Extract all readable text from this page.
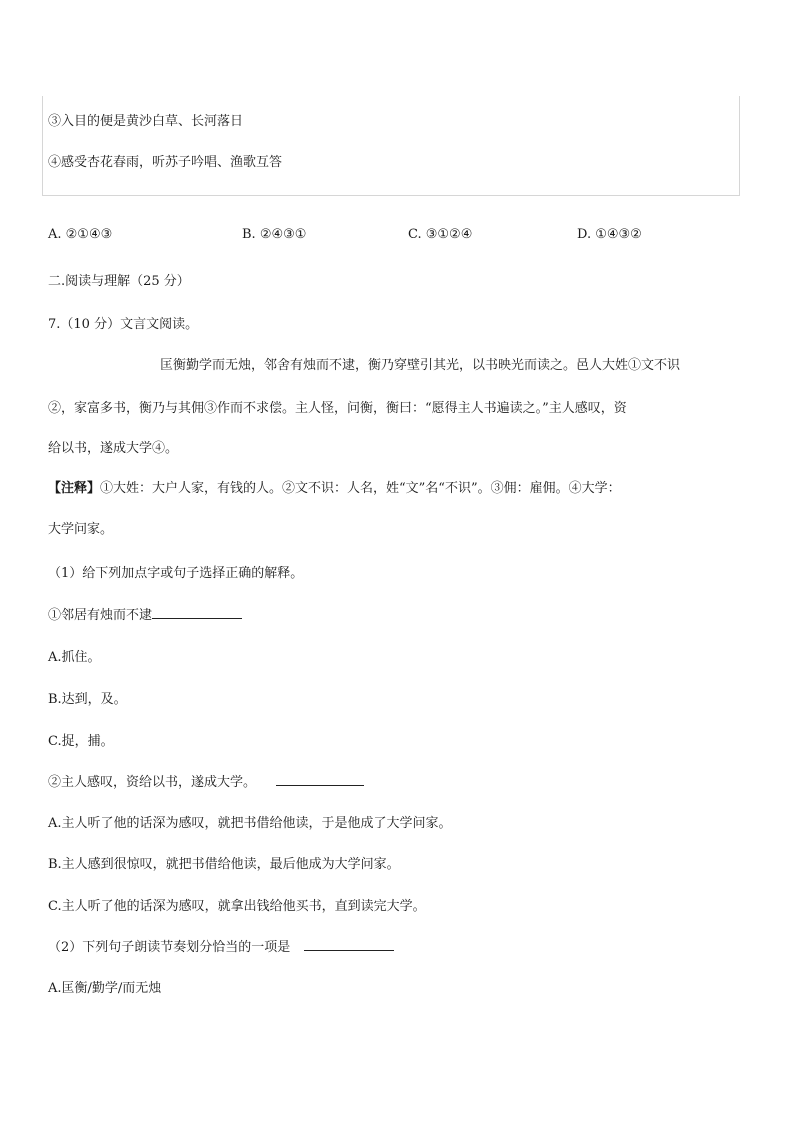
③入目的便是黄沙白草、长河落日
④感受杏花春雨，听苏子吟唱、渔歌互答
A. ②①④③	B. ②④③①	C. ③①②④	D. ①④③②
二.阅读与理解（25 分）
7.（10 分）文言文阅读。
匡衡勤学而无烛，邻舍有烛而不逮，衡乃穿壁引其光，以书映光而读之。邑人大姓①文不识
②，家富多书，衡乃与其佣③作而不求偿。主人怪，问衡，衡曰：“愿得主人书遍读之。”主人感叹，资
给以书，遂成大学④。
【注释】①大姓：大户人家，有钱的人。②文不识：人名，姓“文”名“不识”。③佣：雇佣。④大学：
大学问家。
（1）给下列加点字或句子选择正确的解释。
①邻居有烛而不逮
A.抓住。
B.达到，及。
C.捉，捕。
②主人感叹，资给以书，遂成大学。
A.主人听了他的话深为感叹，就把书借给他读，于是他成了大学问家。
B.主人感到很惊叹，就把书借给他读，最后他成为大学问家。
C.主人听了他的话深为感叹，就拿出钱给他买书，直到读完大学。
（2）下列句子朗读节奏划分恰当的一项是
A.匡衡/勤学/而无烛
